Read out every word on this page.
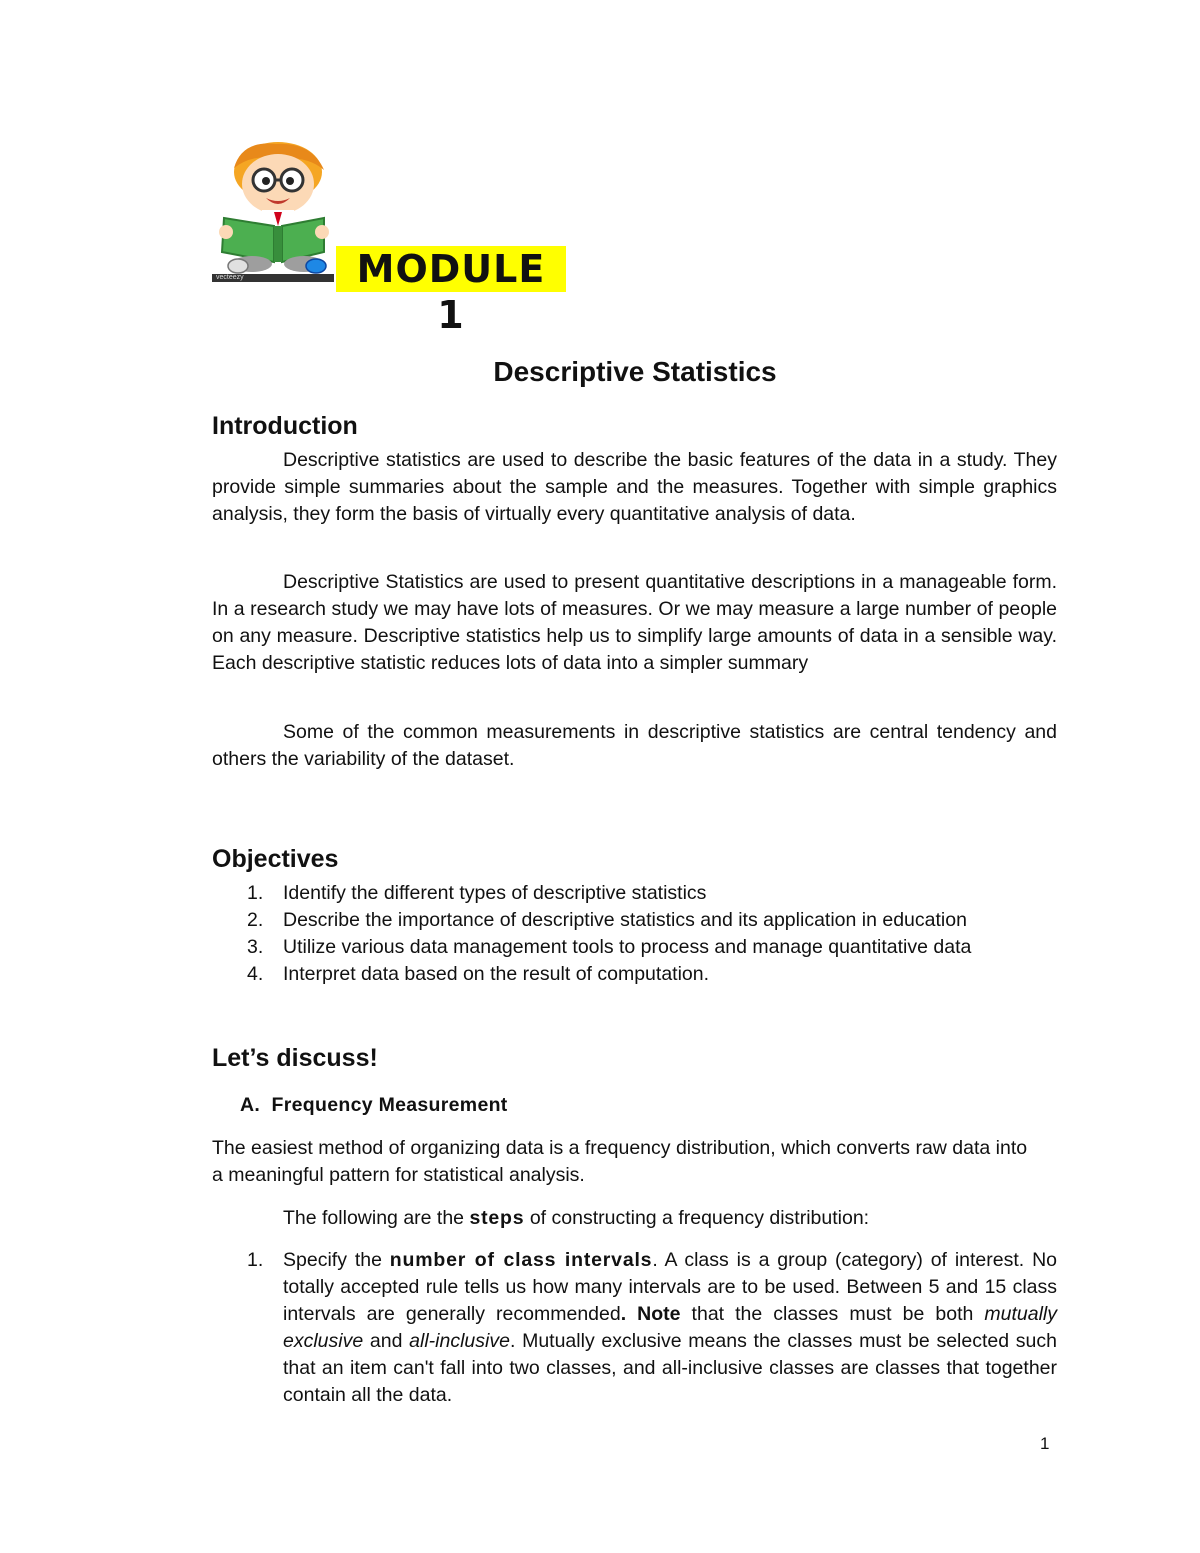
vecteezy	MODULE 1
Descriptive Statistics
Introduction

Descriptive statistics are used to describe the basic features of the data in a study. They provide simple summaries about the sample and the measures. Together with simple graphics analysis, they form the basis of virtually every quantitative analysis of data.

Descriptive Statistics are used to present quantitative descriptions in a manageable form. In a research study we may have lots of measures. Or we may measure a large number of people on any measure. Descriptive statistics help us to simplify large amounts of data in a sensible way. Each descriptive statistic reduces lots of data into a simpler summary

Some of the common measurements in descriptive statistics are central tendency and others the variability of the dataset.

Objectives
1. Identify the different types of descriptive statistics
2. Describe the importance of descriptive statistics and its application in education
3. Utilize various data management tools to process and manage quantitative data
4. Interpret data based on the result of computation.
Let’s discuss!
A. Frequency Measurement

The easiest method of organizing data is a frequency distribution, which converts raw data into a meaningful pattern for statistical analysis.

The following are the steps of constructing a frequency distribution:

1. Specify the number of class intervals. A class is a group (category) of interest. No totally accepted rule tells us how many intervals are to be used. Between 5 and 15 class intervals are generally recommended. Note that the classes must be both mutually exclusive and all-inclusive. Mutually exclusive means the classes must be selected such that an item can't fall into two classes, and all-inclusive classes are classes that together contain all the data.
1
